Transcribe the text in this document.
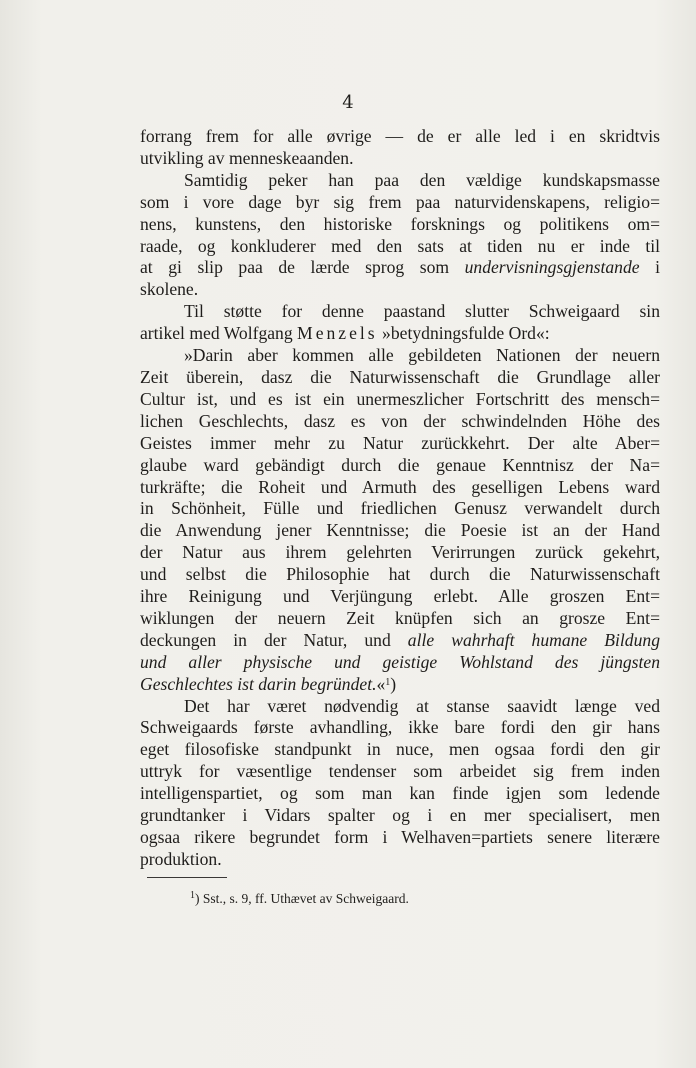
4
forrang frem for alle øvrige — de er alle led i en skridtvis
utvikling av menneskeaanden.
Samtidig peker han paa den vældige kundskapsmasse
som i vore dage byr sig frem paa naturvidenskapens, religio=
nens, kunstens, den historiske forsknings og politikens om=
raade, og konkluderer med den sats at tiden nu er inde til
at gi slip paa de lærde sprog som undervisningsgjenstande i
skolene.
Til støtte for denne paastand slutter Schweigaard sin
artikel med Wolfgang Menzels »betydningsfulde Ord«:
»Darin aber kommen alle gebildeten Nationen der neuern
Zeit überein, dasz die Naturwissenschaft die Grundlage aller
Cultur ist, und es ist ein unermeszlicher Fortschritt des mensch=
lichen Geschlechts, dasz es von der schwindelnden Höhe des
Geistes immer mehr zu Natur zurückkehrt. Der alte Aber=
glaube ward gebändigt durch die genaue Kenntnisz der Na=
turkräfte; die Roheit und Armuth des geselligen Lebens ward
in Schönheit, Fülle und friedlichen Genusz verwandelt durch
die Anwendung jener Kenntnisse; die Poesie ist an der Hand
der Natur aus ihrem gelehrten Verirrungen zurück gekehrt,
und selbst die Philosophie hat durch die Naturwissenschaft
ihre Reinigung und Verjüngung erlebt. Alle groszen Ent=
wiklungen der neuern Zeit knüpfen sich an grosze Ent=
deckungen in der Natur, und alle wahrhaft humane Bildung
und aller physische und geistige Wohlstand des jüngsten
Geschlechtes ist darin begründet.«$^1$)
Det har været nødvendig at stanse saavidt længe ved
Schweigaards første avhandling, ikke bare fordi den gir hans
eget filosofiske standpunkt in nuce, men ogsaa fordi den gir
uttryk for væsentlige tendenser som arbeidet sig frem inden
intelligenspartiet, og som man kan finde igjen som ledende
grundtanker i Vidars spalter og i en mer specialisert, men
ogsaa rikere begrundet form i Welhaven=partiets senere literære
produktion.
$^1$) Sst., s. 9, ff. Uthævet av Schweigaard.
